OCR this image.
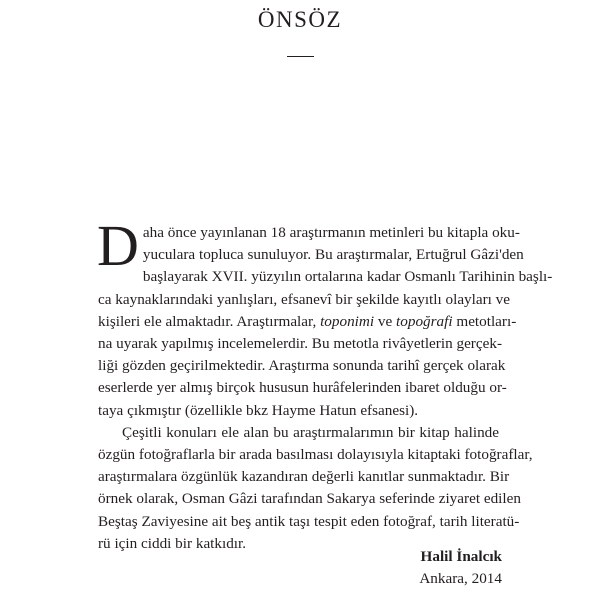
ÖNSÖZ
D aha önce yayınlanan 18 araştırmanın metinleri bu kitapla oku-
yuculara topluca sunuluyor. Bu araştırmalar, Ertuğrul Gâzi'den
başlayarak XVII. yüzyılın ortalarına kadar Osmanlı Tarihinin başlı-
ca kaynaklarındaki yanlışları, efsanevî bir şekilde kayıtlı olayları ve
kişileri ele almaktadır. Araştırmalar, toponimi ve topoğrafi metotları-
na uyarak yapılmış incelemelerdir. Bu metotla rivâyetlerin gerçek-
liği gözden geçirilmektedir. Araştırma sonunda tarihî gerçek olarak
eserlerde yer almış birçok hususun hurâfelerinden ibaret olduğu or-
taya çıkmıştır (özellikle bkz Hayme Hatun efsanesi).
Çeşitli konuları ele alan bu araştırmalarımın bir kitap halinde
özgün fotoğraflarla bir arada basılması dolayısıyla kitaptaki fotoğraflar,
araştırmalara özgünlük kazandıran değerli kanıtlar sunmaktadır. Bir
örnek olarak, Osman Gâzi tarafından Sakarya seferinde ziyaret edilen
Beştaş Zaviyesine ait beş antik taşı tespit eden fotoğraf, tarih literatü-
rü için ciddi bir katkıdır.
Halil İnalcık
Ankara, 2014
